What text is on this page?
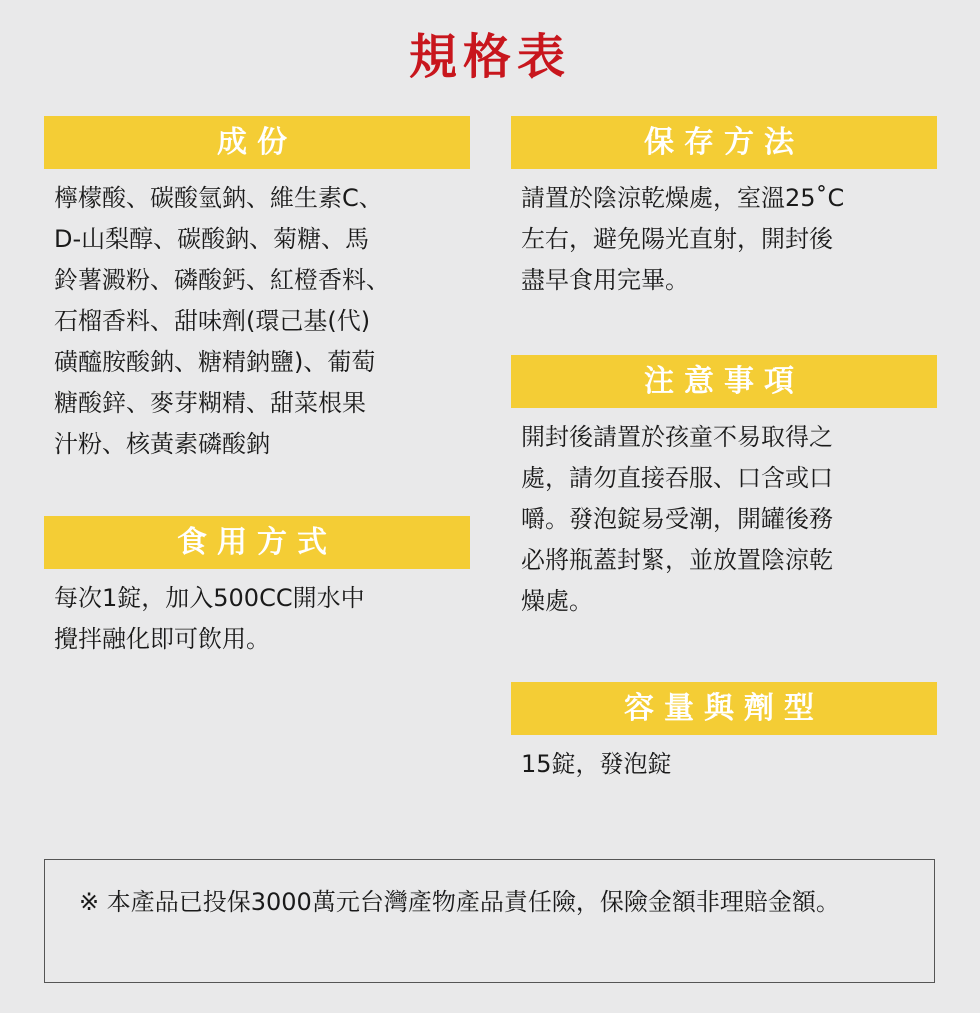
規格表
成份
檸檬酸、碳酸氫鈉、維生素C、
D-山梨醇、碳酸鈉、菊糖、馬
鈴薯澱粉、磷酸鈣、紅橙香料、
石榴香料、甜味劑(環己基(代)
磺醯胺酸鈉、糖精鈉鹽)、葡萄
糖酸鋅、麥芽糊精、甜菜根果
汁粉、核黃素磷酸鈉
食用方式
每次1錠，加入500CC開水中
攪拌融化即可飲用。
保存方法
請置於陰涼乾燥處，室溫25˚C
左右，避免陽光直射，開封後
盡早食用完畢。
注意事項
開封後請置於孩童不易取得之
處，請勿直接吞服、口含或口
嚼。發泡錠易受潮，開罐後務
必將瓶蓋封緊，並放置陰涼乾
燥處。
容量與劑型
15錠，發泡錠
※ 本產品已投保3000萬元台灣產物產品責任險，保險金額非理賠金額。
